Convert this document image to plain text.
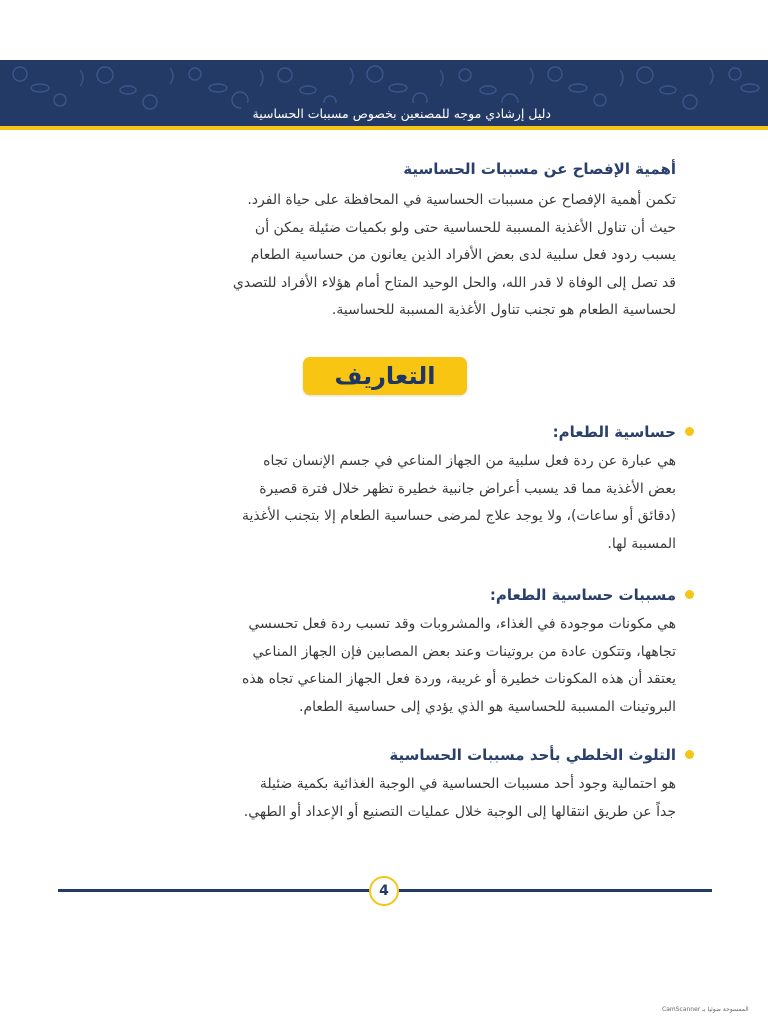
دليل إرشادي موجه للمصنعين بخصوص مسببات الحساسية
أهمية الإفصاح عن مسببات الحساسية

تكمن أهمية الإفصاح عن مسببات الحساسية في المحافظة على حياة الفرد.

حيث أن تناول الأغذية المسببة للحساسية حتى ولو بكميات ضئيلة يمكن أن

يسبب ردود فعل سلبية لدى بعض الأفراد الذين يعانون من حساسية الطعام

قد تصل إلى الوفاة لا قدر الله، والحل الوحيد المتاح أمام هؤلاء الأفراد للتصدي

لحساسية الطعام هو تجنب تناول الأغذية المسببة للحساسية.

التعاريف
حساسية الطعام:

هي عبارة عن ردة فعل سلبية من الجهاز المناعي في جسم الإنسان تجاه

بعض الأغذية مما قد يسبب أعراض جانبية خطيرة تظهر خلال فترة قصيرة

(دقائق أو ساعات)، ولا يوجد علاج لمرضى حساسية الطعام إلا بتجنب الأغذية

المسببة لها.

مسببات حساسية الطعام:

هي مكونات موجودة في الغذاء، والمشروبات وقد تسبب ردة فعل تحسسي

تجاهها، وتتكون عادة من بروتينات وعند بعض المصابين فإن الجهاز المناعي

يعتقد أن هذه المكونات خطيرة أو غريبة، وردة فعل الجهاز المناعي تجاه هذه

البروتينات المسببة للحساسية هو الذي يؤدي إلى حساسية الطعام.

التلوث الخلطي بأحد مسببات الحساسية

هو احتمالية وجود أحد مسببات الحساسية في الوجبة الغذائية بكمية ضئيلة

جداً عن طريق انتقالها إلى الوجبة خلال عمليات التصنيع أو الإعداد أو الطهي.

4
الممسوحة ضوئيا بـ CamScanner
